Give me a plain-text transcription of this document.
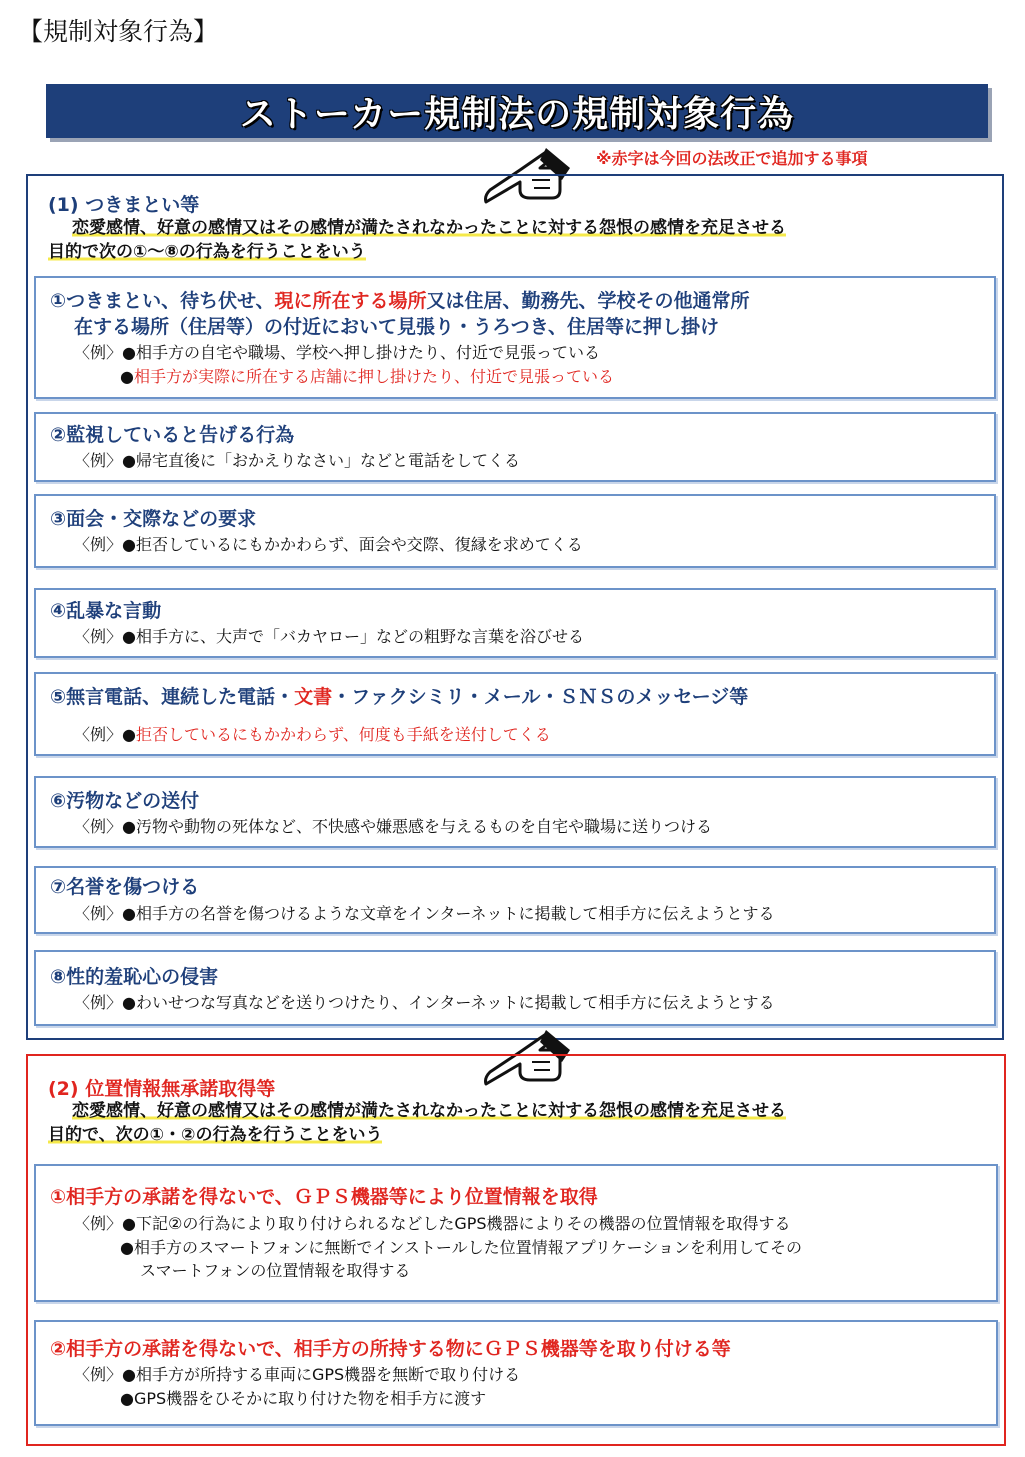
【規制対象行為】
ストーカー規制法の規制対象行為
※赤字は今回の法改正で追加する事項
(1) つきまとい等
恋愛感情、好意の感情又はその感情が満たされなかったことに対する怨恨の感情を充足させる
目的で次の①～⑧の行為を行うことをいう
①つきまとい、待ち伏せ、現に所在する場所又は住居、勤務先、学校その他通常所
在する場所（住居等）の付近において見張り・うろつき、住居等に押し掛け
〈例〉●相手方の自宅や職場、学校へ押し掛けたり、付近で見張っている
●相手方が実際に所在する店舗に押し掛けたり、付近で見張っている
②監視していると告げる行為
〈例〉●帰宅直後に「おかえりなさい」などと電話をしてくる
③面会・交際などの要求
〈例〉●拒否しているにもかかわらず、面会や交際、復縁を求めてくる
④乱暴な言動
〈例〉●相手方に、大声で「バカヤロー」などの粗野な言葉を浴びせる
⑤無言電話、連続した電話・文書・ファクシミリ・メール・ＳＮＳのメッセージ等
〈例〉●拒否しているにもかかわらず、何度も手紙を送付してくる
⑥汚物などの送付
〈例〉●汚物や動物の死体など、不快感や嫌悪感を与えるものを自宅や職場に送りつける
⑦名誉を傷つける
〈例〉●相手方の名誉を傷つけるような文章をインターネットに掲載して相手方に伝えようとする
⑧性的羞恥心の侵害
〈例〉●わいせつな写真などを送りつけたり、インターネットに掲載して相手方に伝えようとする
(2) 位置情報無承諾取得等
恋愛感情、好意の感情又はその感情が満たされなかったことに対する怨恨の感情を充足させる
目的で、次の①・②の行為を行うことをいう
①相手方の承諾を得ないで、ＧＰＳ機器等により位置情報を取得
〈例〉●下記②の行為により取り付けられるなどしたGPS機器によりその機器の位置情報を取得する
●相手方のスマートフォンに無断でインストールした位置情報アプリケーションを利用してその
スマートフォンの位置情報を取得する
②相手方の承諾を得ないで、相手方の所持する物にＧＰＳ機器等を取り付ける等
〈例〉●相手方が所持する車両にGPS機器を無断で取り付ける
●GPS機器をひそかに取り付けた物を相手方に渡す
